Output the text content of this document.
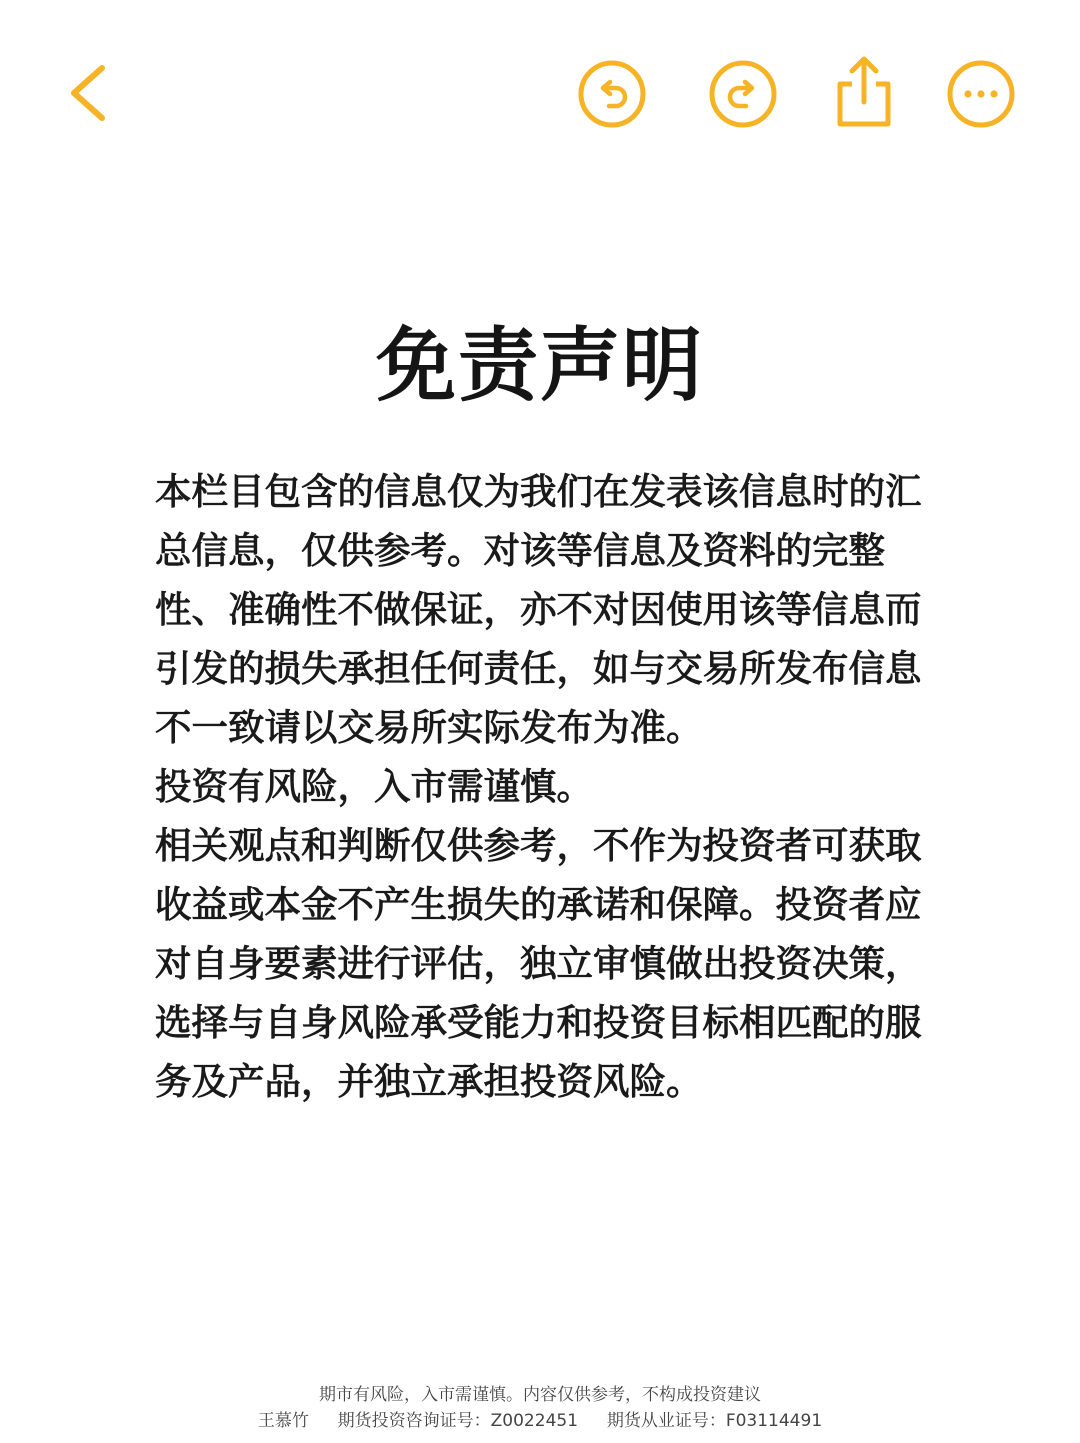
免责声明

本栏目包含的信息仅为我们在发表该信息时的汇总信息，仅供参考。对该等信息及资料的完整性、准确性不做保证，亦不对因使用该等信息而引发的损失承担任何责任，如与交易所发布信息不一致请以交易所实际发布为准。

投资有风险，入市需谨慎。

相关观点和判断仅供参考，不作为投资者可获取收益或本金不产生损失的承诺和保障。投资者应对自身要素进行评估，独立审慎做出投资决策，选择与自身风险承受能力和投资目标相匹配的服务及产品，并独立承担投资风险。

期市有风险，入市需谨慎。内容仅供参考，不构成投资建议
王慕竹 期货投资咨询证号：Z0022451 期货从业证号：F03114491
